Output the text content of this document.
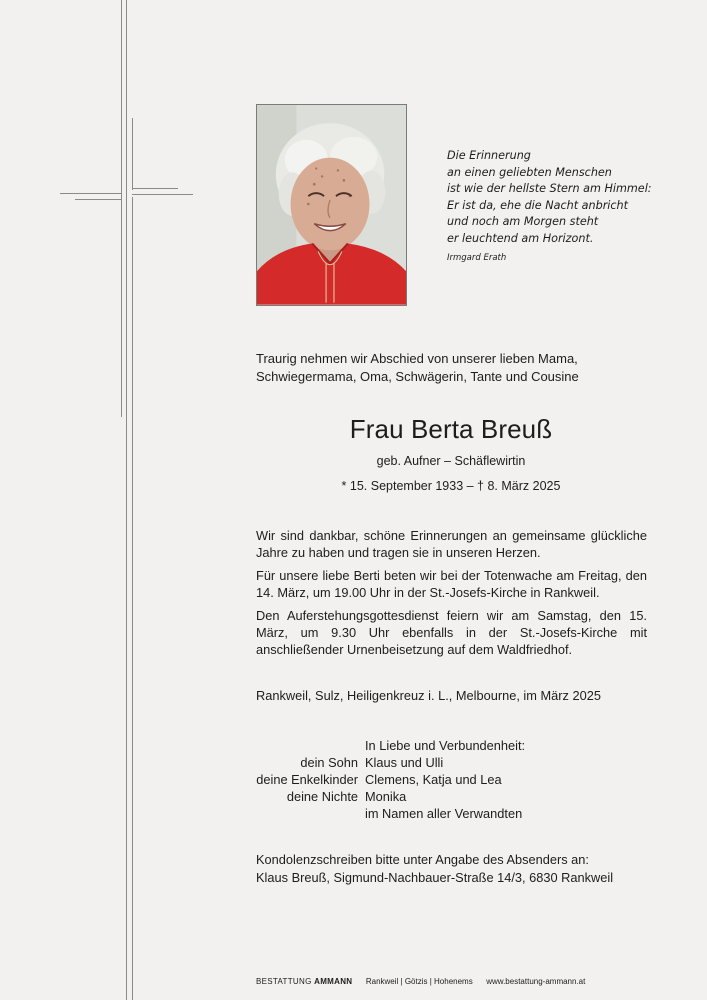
Die Erinnerung
an einen geliebten Menschen
ist wie der hellste Stern am Himmel:
Er ist da, ehe die Nacht anbricht
und noch am Morgen steht
er leuchtend am Horizont.
Irmgard Erath
Traurig nehmen wir Abschied von unserer lieben Mama,
Schwiegermama, Oma, Schwägerin, Tante und Cousine
Frau Berta Breuß
geb. Aufner – Schäflewirtin
* 15. September 1933 – † 8. März 2025

Wir sind dankbar, schöne Erinnerungen an gemeinsame glückliche Jahre zu haben und tragen sie in unseren Herzen.

Für unsere liebe Berti beten wir bei der Totenwache am Freitag, den 14. März, um 19.00 Uhr in der St.-Josefs-Kirche in Rankweil.

Den Auferstehungsgottesdienst feiern wir am Samstag, den 15. März, um 9.30 Uhr ebenfalls in der St.-Josefs-Kirche mit anschließender Urnenbeisetzung auf dem Waldfriedhof.

Rankweil, Sulz, Heiligenkreuz i. L., Melbourne, im März 2025
In Liebe und Verbundenheit:
dein Sohn Klaus und Ulli
deine Enkelkinder Clemens, Katja und Lea
deine Nichte Monika
im Namen aller Verwandten
Kondolenzschreiben bitte unter Angabe des Absenders an:
Klaus Breuß, Sigmund-Nachbauer-Straße 14/3, 6830 Rankweil
BESTATTUNG AMMANN Rankweil | Götzis | Hohenems www.bestattung-ammann.at
